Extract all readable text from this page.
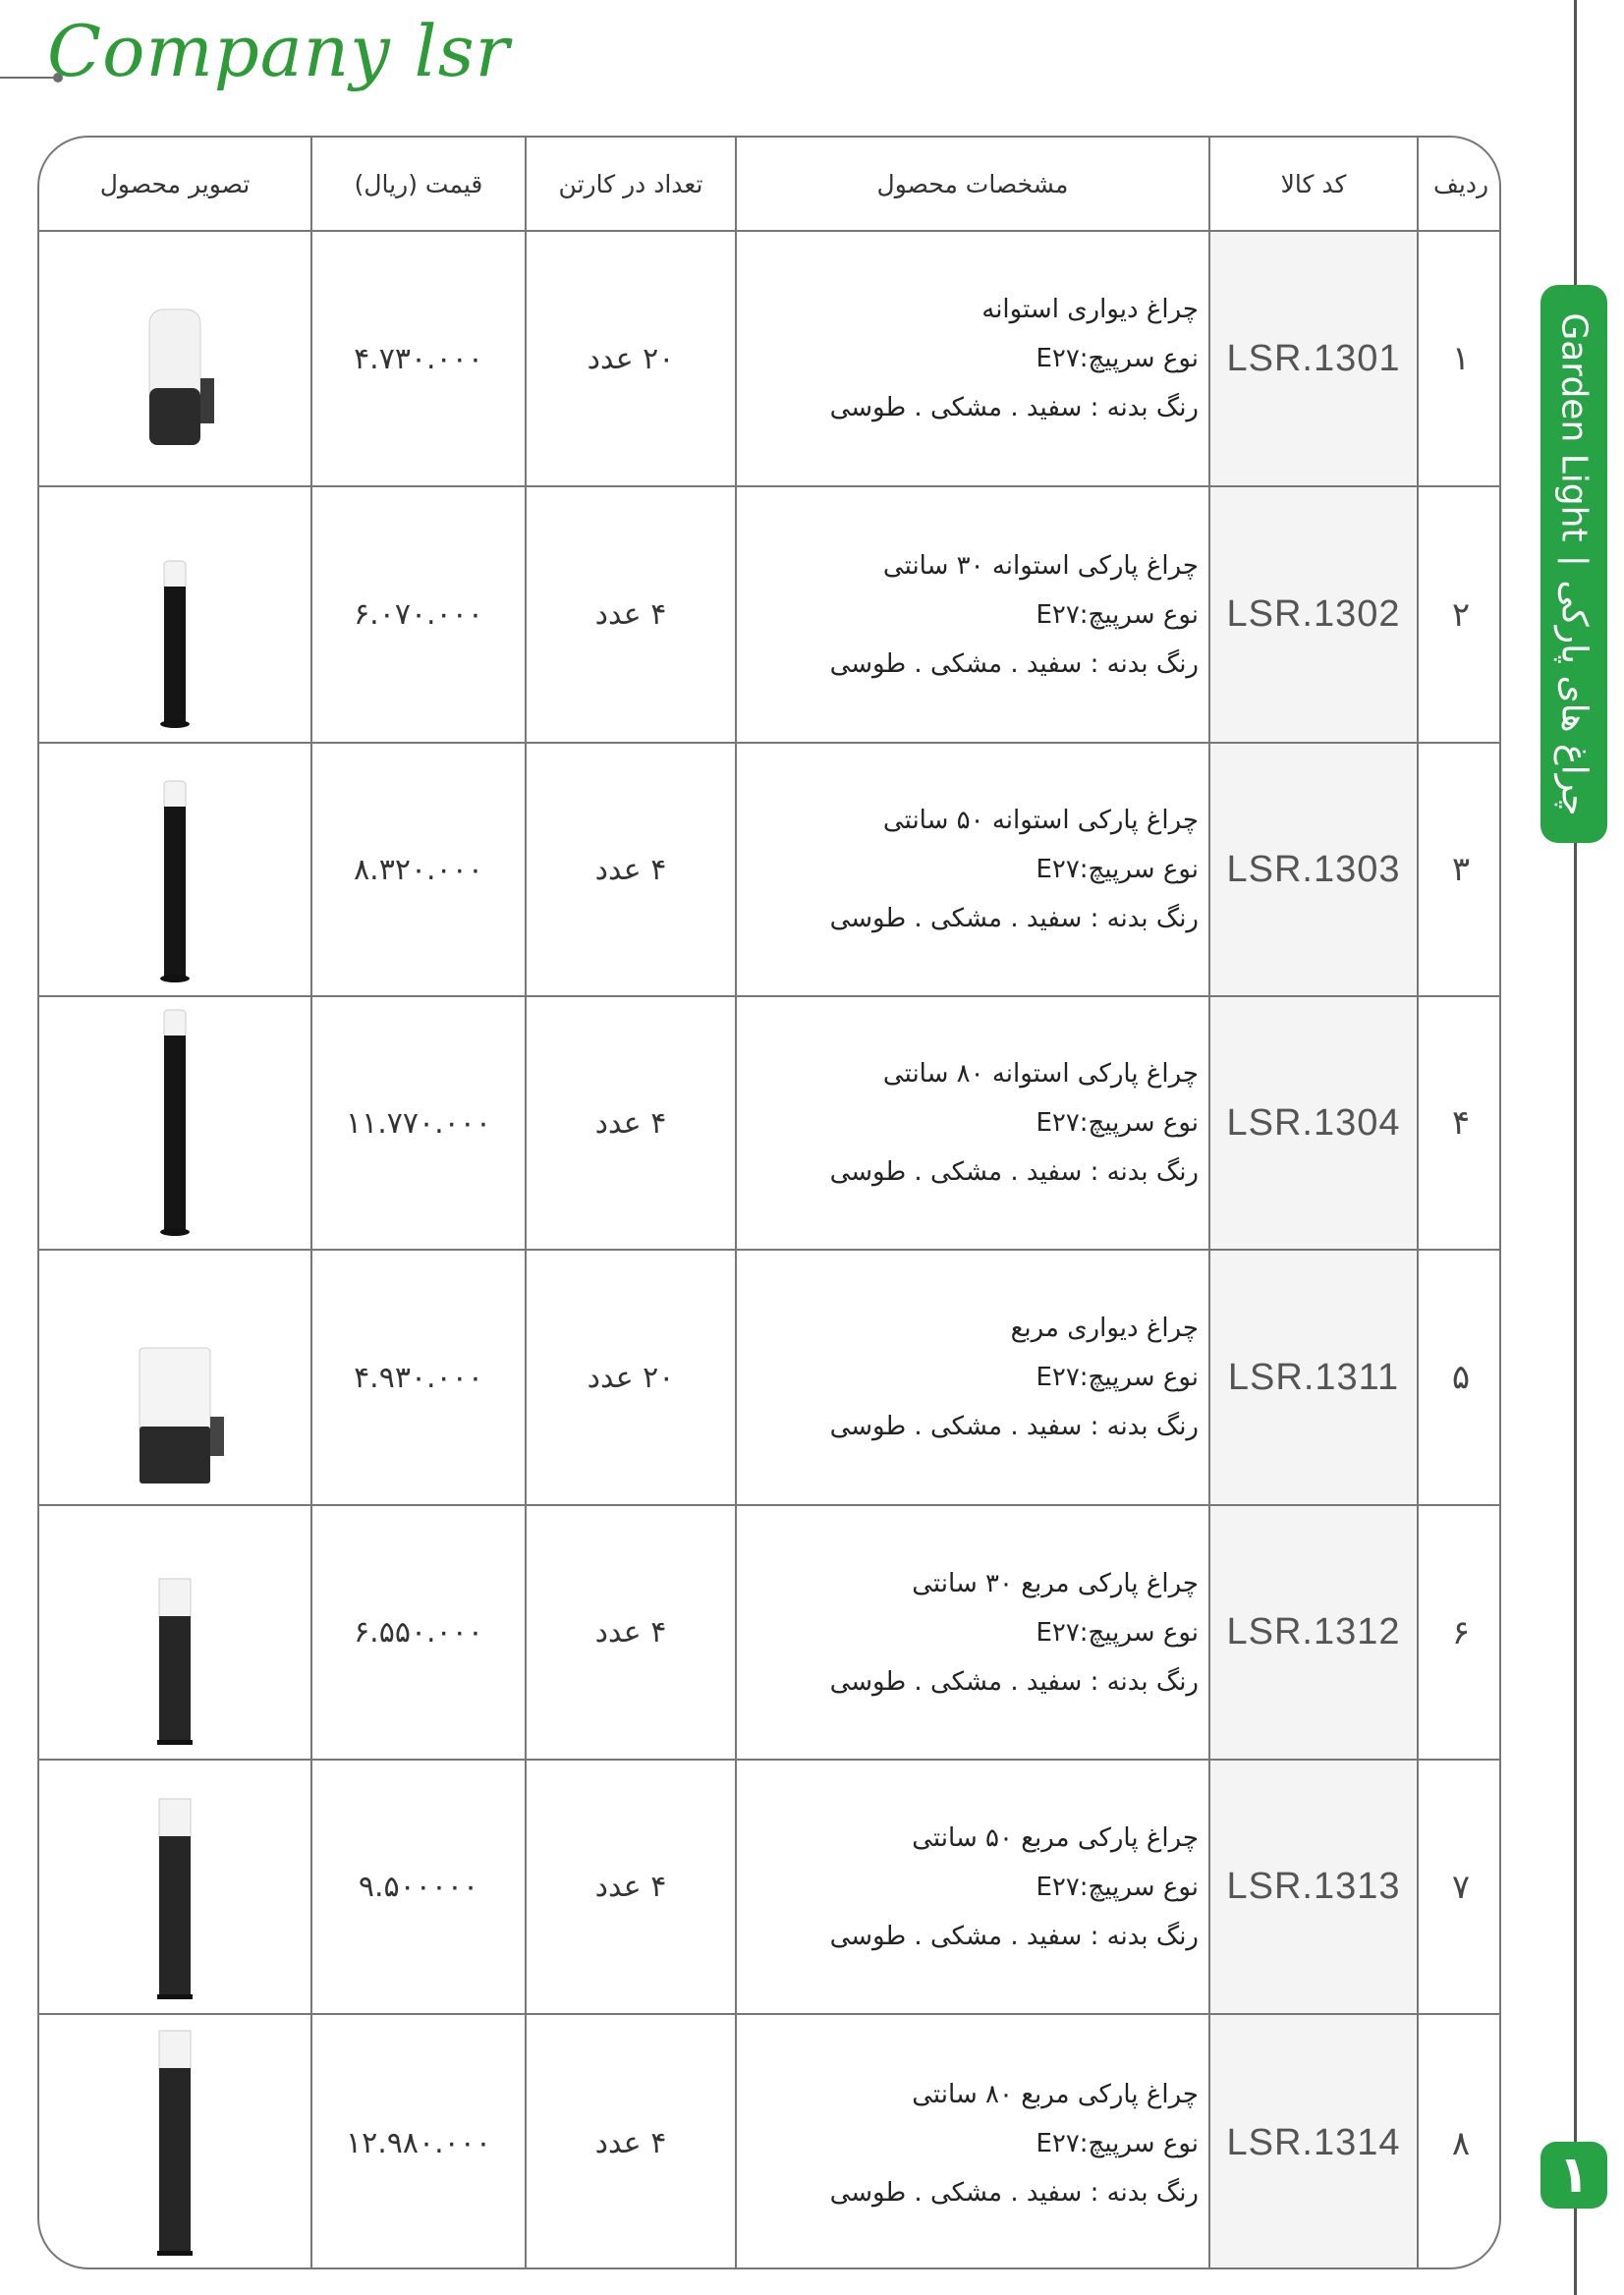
Company lsr
Garden Light
چراغ های پارکی
۱
تصویر محصول	قیمت (ریال)	تعداد در کارتن	مشخصات محصول	کد کالا	ردیف
۴.۷۳۰.۰۰۰	۲۰ عدد
چراغ دیواری استوانه
نوع سرپیچ:E۲۷
رنگ بدنه : سفید . مشکی . طوسی
LSR.1301	۱
۶.۰۷۰.۰۰۰	۴ عدد
چراغ پارکی استوانه ۳۰ سانتی
نوع سرپیچ:E۲۷
رنگ بدنه : سفید . مشکی . طوسی
LSR.1302	۲
۸.۳۲۰.۰۰۰	۴ عدد
چراغ پارکی استوانه ۵۰ سانتی
نوع سرپیچ:E۲۷
رنگ بدنه : سفید . مشکی . طوسی
LSR.1303	۳
۱۱.۷۷۰.۰۰۰	۴ عدد
چراغ پارکی استوانه ۸۰ سانتی
نوع سرپیچ:E۲۷
رنگ بدنه : سفید . مشکی . طوسی
LSR.1304	۴
۴.۹۳۰.۰۰۰	۲۰ عدد
چراغ دیواری مربع
نوع سرپیچ:E۲۷
رنگ بدنه : سفید . مشکی . طوسی
LSR.1311	۵
۶.۵۵۰.۰۰۰	۴ عدد
چراغ پارکی مربع ۳۰ سانتی
نوع سرپیچ:E۲۷
رنگ بدنه : سفید . مشکی . طوسی
LSR.1312	۶
۹.۵۰۰۰۰۰	۴ عدد
چراغ پارکی مربع ۵۰ سانتی
نوع سرپیچ:E۲۷
رنگ بدنه : سفید . مشکی . طوسی
LSR.1313	۷
۱۲.۹۸۰.۰۰۰	۴ عدد
چراغ پارکی مربع ۸۰ سانتی
نوع سرپیچ:E۲۷
رنگ بدنه : سفید . مشکی . طوسی
LSR.1314	۸
